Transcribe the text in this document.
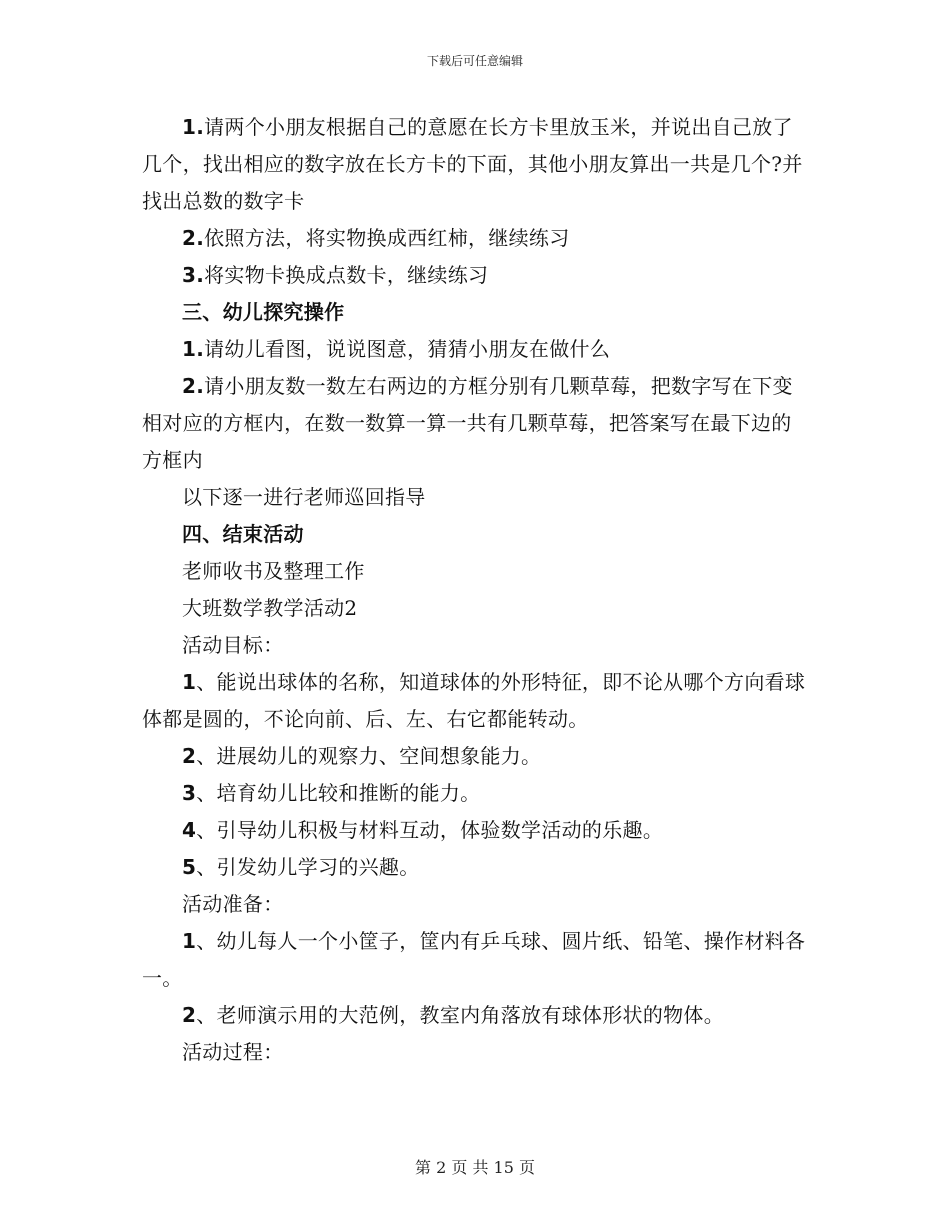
下载后可任意编辑

1.请两个小朋友根据自己的意愿在长方卡里放玉米，并说出自己放了几个，找出相应的数字放在长方卡的下面，其他小朋友算出一共是几个?并找出总数的数字卡

2.依照方法，将实物换成西红柿，继续练习

3.将实物卡换成点数卡，继续练习

三、幼儿探究操作

1.请幼儿看图，说说图意，猜猜小朋友在做什么

2.请小朋友数一数左右两边的方框分别有几颗草莓，把数字写在下变相对应的方框内，在数一数算一算一共有几颗草莓，把答案写在最下边的方框内

以下逐一进行老师巡回指导

四、结束活动

老师收书及整理工作

大班数学教学活动2

活动目标：

1、能说出球体的名称，知道球体的外形特征，即不论从哪个方向看球体都是圆的，不论向前、后、左、右它都能转动。

2、进展幼儿的观察力、空间想象能力。

3、培育幼儿比较和推断的能力。

4、引导幼儿积极与材料互动，体验数学活动的乐趣。

5、引发幼儿学习的兴趣。

活动准备：

1、幼儿每人一个小筐子，筐内有乒乓球、圆片纸、铅笔、操作材料各一。

2、老师演示用的大范例，教室内角落放有球体形状的物体。

活动过程：

第 2 页 共 15 页
